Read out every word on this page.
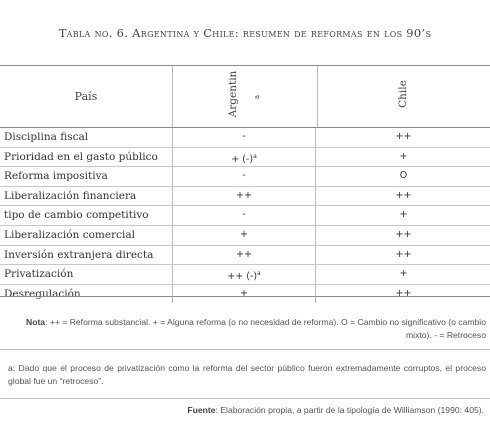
Tabla no. 6. Argentina y Chile: resumen de reformas en los 90’s
País	Argentin a	Chile
Disciplina fiscal	-	++
Prioridad en el gasto público	+ $(-)^a$	+
Reforma impositiva	-	O
Liberalización financiera	++	++
tipo de cambio competitivo	-	+
Liberalización comercial	+	++
Inversión extranjera directa	++	++
Privatización	++ $(-)^a$	+
Desregulación	+	++
Nota: ++ = Reforma substancial. + = Alguna reforma (o no necesidad de reforma). O = Cambio no significativo (o cambio mixto). - = Retroceso
a: Dado que el proceso de privatización como la reforma del sector público fueron extremadamente corruptos, el proceso global fue un “retroceso”.
Fuente: Elaboración propia, a partir de la tipología de Williamson (1990: 405).
